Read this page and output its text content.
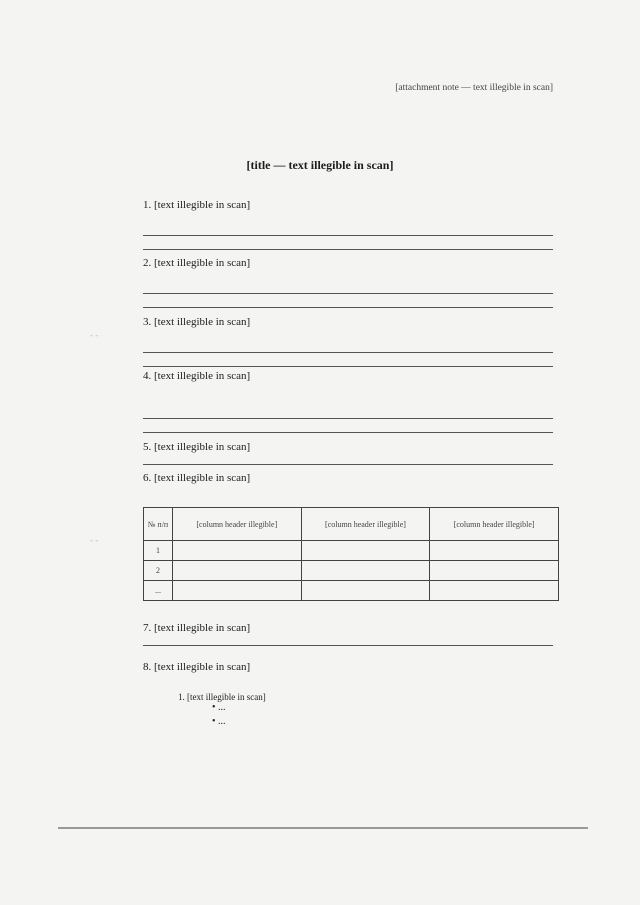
- -
- -
[attachment note — text illegible in scan]
[title — text illegible in scan]
1. [text illegible in scan]
2. [text illegible in scan]
3. [text illegible in scan]
4. [text illegible in scan]
5. [text illegible in scan]
6. [text illegible in scan]
№ п/п	[column header illegible]	[column header illegible]	[column header illegible]
1			
2			
...			
7. [text illegible in scan]
8. [text illegible in scan]
1. [text illegible in scan]
• ...
• ...
